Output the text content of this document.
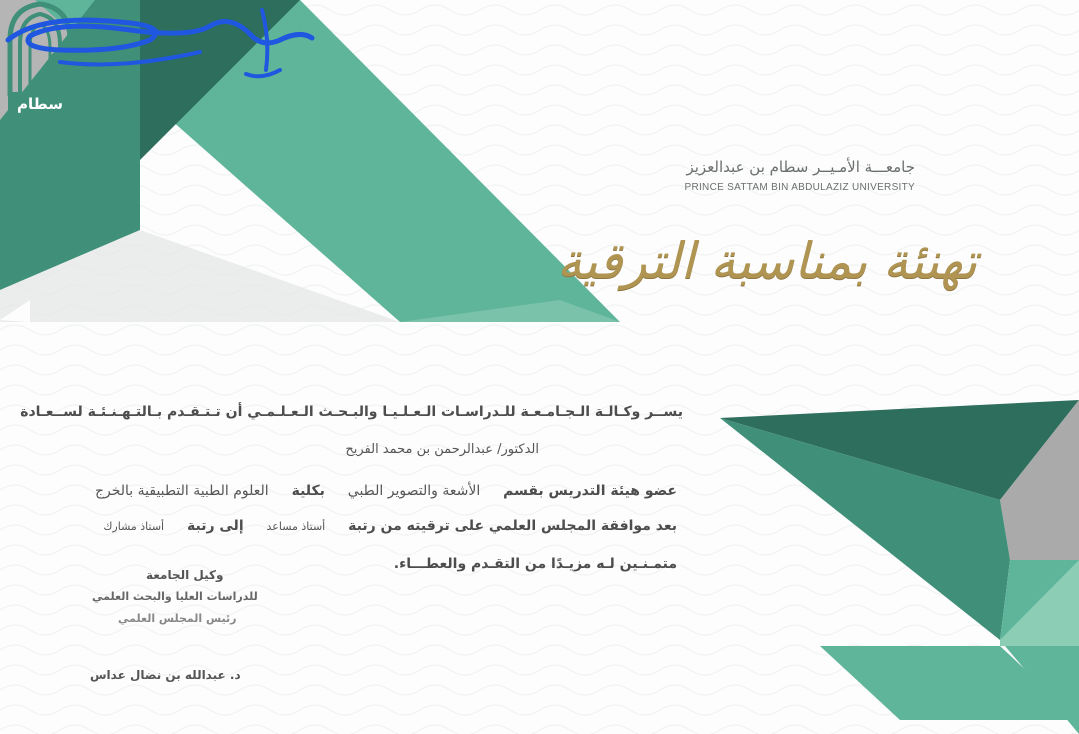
سطام
جامعـــة الأمـيــر سطام بن عبدالعزيز
PRINCE SATTAM BIN ABDULAZIZ UNIVERSITY
تهنئة بمناسبة الترقية
يســر وكـالـة الـجـامـعـة للـدراسـات الـعـلـيـا والبـحـث الـعـلـمـي أن تـتـقـدم بـالتـهـنـئـة لســعـادة
الدكتور/ عبدالرحمن بن محمد الفريح
عضو هيئة التدريس بقسم الأشعة والتصوير الطبي بكلية العلوم الطبية التطبيقية بالخرج
بعد موافقة المجلس العلمي على ترقيته من رتبة أستاذ مساعد إلى رتبة أستاذ مشارك
متمـنـين لـه مزيـدًا من التقـدم والعطـــاء.
وكيل الجامعة
للدراسات العليا والبحث العلمي
رئيس المجلس العلمي
د. عبدالله بن نضال عداس
